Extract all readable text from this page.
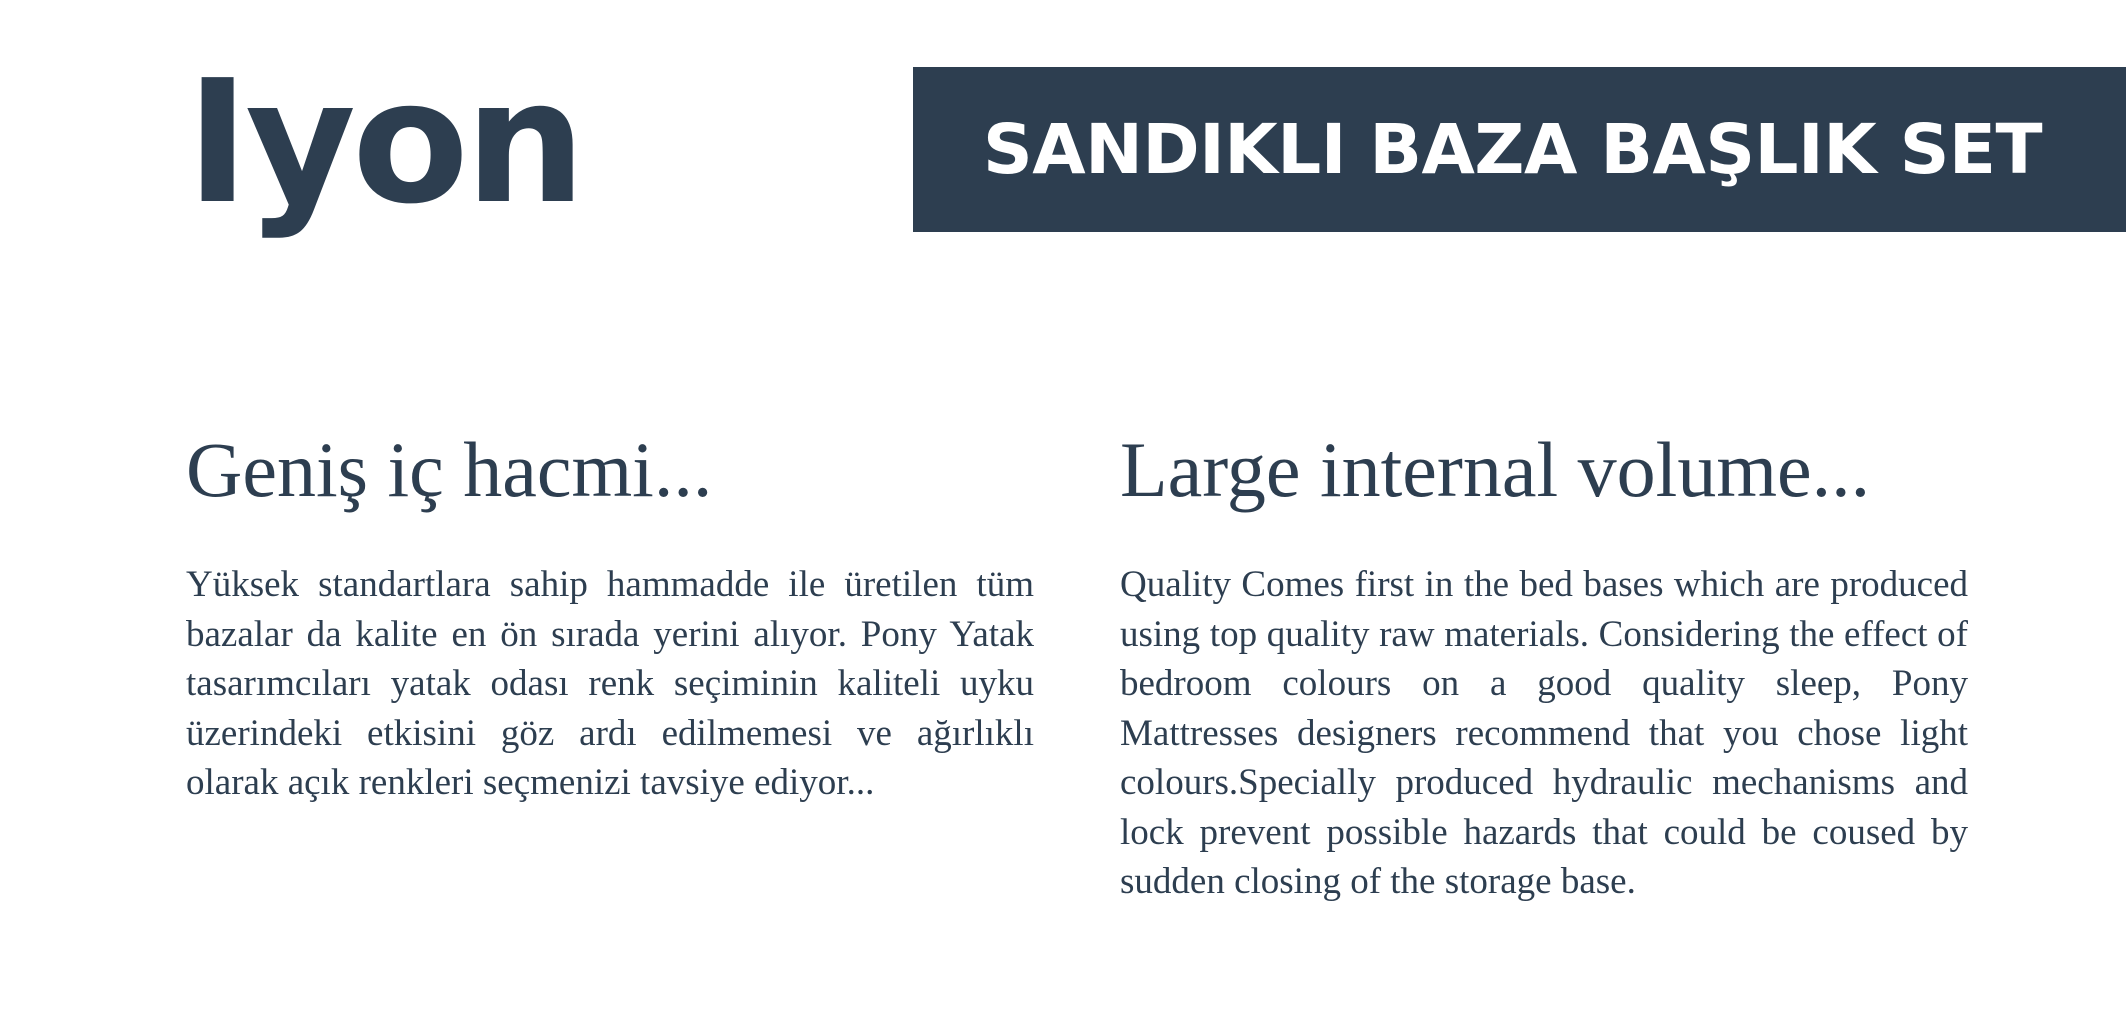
Iyon	SANDIKLI BAZA BAŞLIK SET
Geniş iç hacmi...

Yüksek standartlara sahip hammadde ile üretilen tüm bazalar da kalite en ön sırada yerini alıyor. Pony Yatak tasarımcıları yatak odası renk seçiminin kaliteli uyku üzerindeki etkisini göz ardı edilmemesi ve ağırlıklı olarak açık renkleri seçmenizi tavsiye ediyor...

Large internal volume...

Quality Comes first in the bed bases which are produced using top quality raw materials. Considering the effect of bedroom colours on a good quality sleep, Pony Mattresses designers recommend that you chose light colours.Specially produced hydraulic mechanisms and lock prevent possible hazards that could be coused by sudden closing of the storage base.
